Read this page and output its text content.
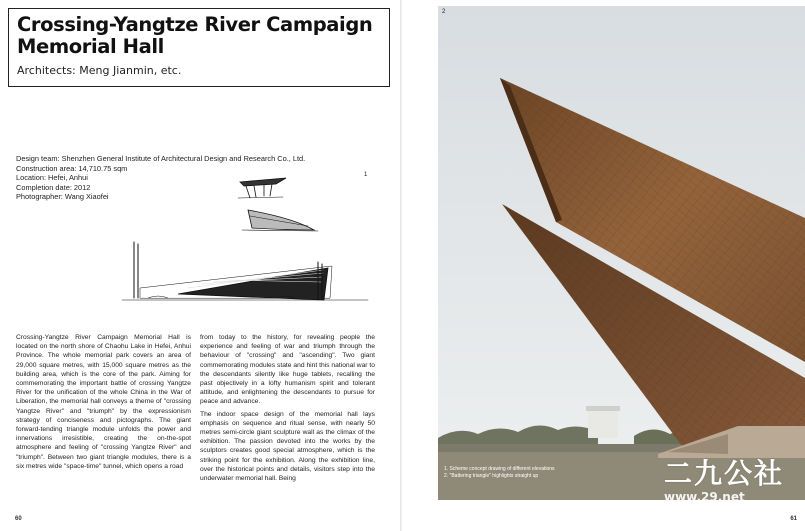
Crossing-Yangtze River Campaign Memorial Hall
Architects: Meng Jianmin, etc.
Design team: Shenzhen General Institute of Architectural Design and Research Co., Ltd.
Construction area: 14,710.75 sqm
Location: Hefei, Anhui
Completion date: 2012
Photographer: Wang Xiaofei
1

Crossing-Yangtze River Campaign Memorial Hall is located on the north shore of Chaohu Lake in Hefei, Anhui Province. The whole memorial park covers an area of 29,000 square metres, with 15,000 square metres as the building area, which is the core of the park. Aiming for commemorating the important battle of crossing Yangtze River for the unification of the whole China in the War of Liberation, the memorial hall conveys a theme of "crossing Yangtze River" and "triumph" by the expressionism strategy of conciseness and pictographs. The giant forward-tending triangle module unfolds the power and innervations irresistible, creating the on-the-spot atmosphere and feeling of "crossing Yangtze River" and "triumph". Between two giant triangle modules, there is a six metres wide "space-time" tunnel, which opens a road

from today to the history, for revealing people the experience and feeling of war and triumph through the behaviour of "crossing" and "ascending". Two giant commemorating modules state and hint this national war to the descendants silently like huge tablets, recalling the past objectively in a lofty humanism spirit and tolerant attitude, and enlightening the descendants to pursue for peace and advance.

The indoor space design of the memorial hall lays emphasis on sequence and ritual sense, with nearly 50 metres semi-circle giant sculpture wall as the climax of the exhibition. The passion devoted into the works by the sculptors creates good special atmosphere, which is the striking point for the exhibition. Along the exhibition line, over the historical points and details, visitors step into the underwater memorial hall. Being

60
2
1. Scheme concept drawing of different elevations
2. "Battering triangle" highlights straight up	二九公社
www.29.net
61
